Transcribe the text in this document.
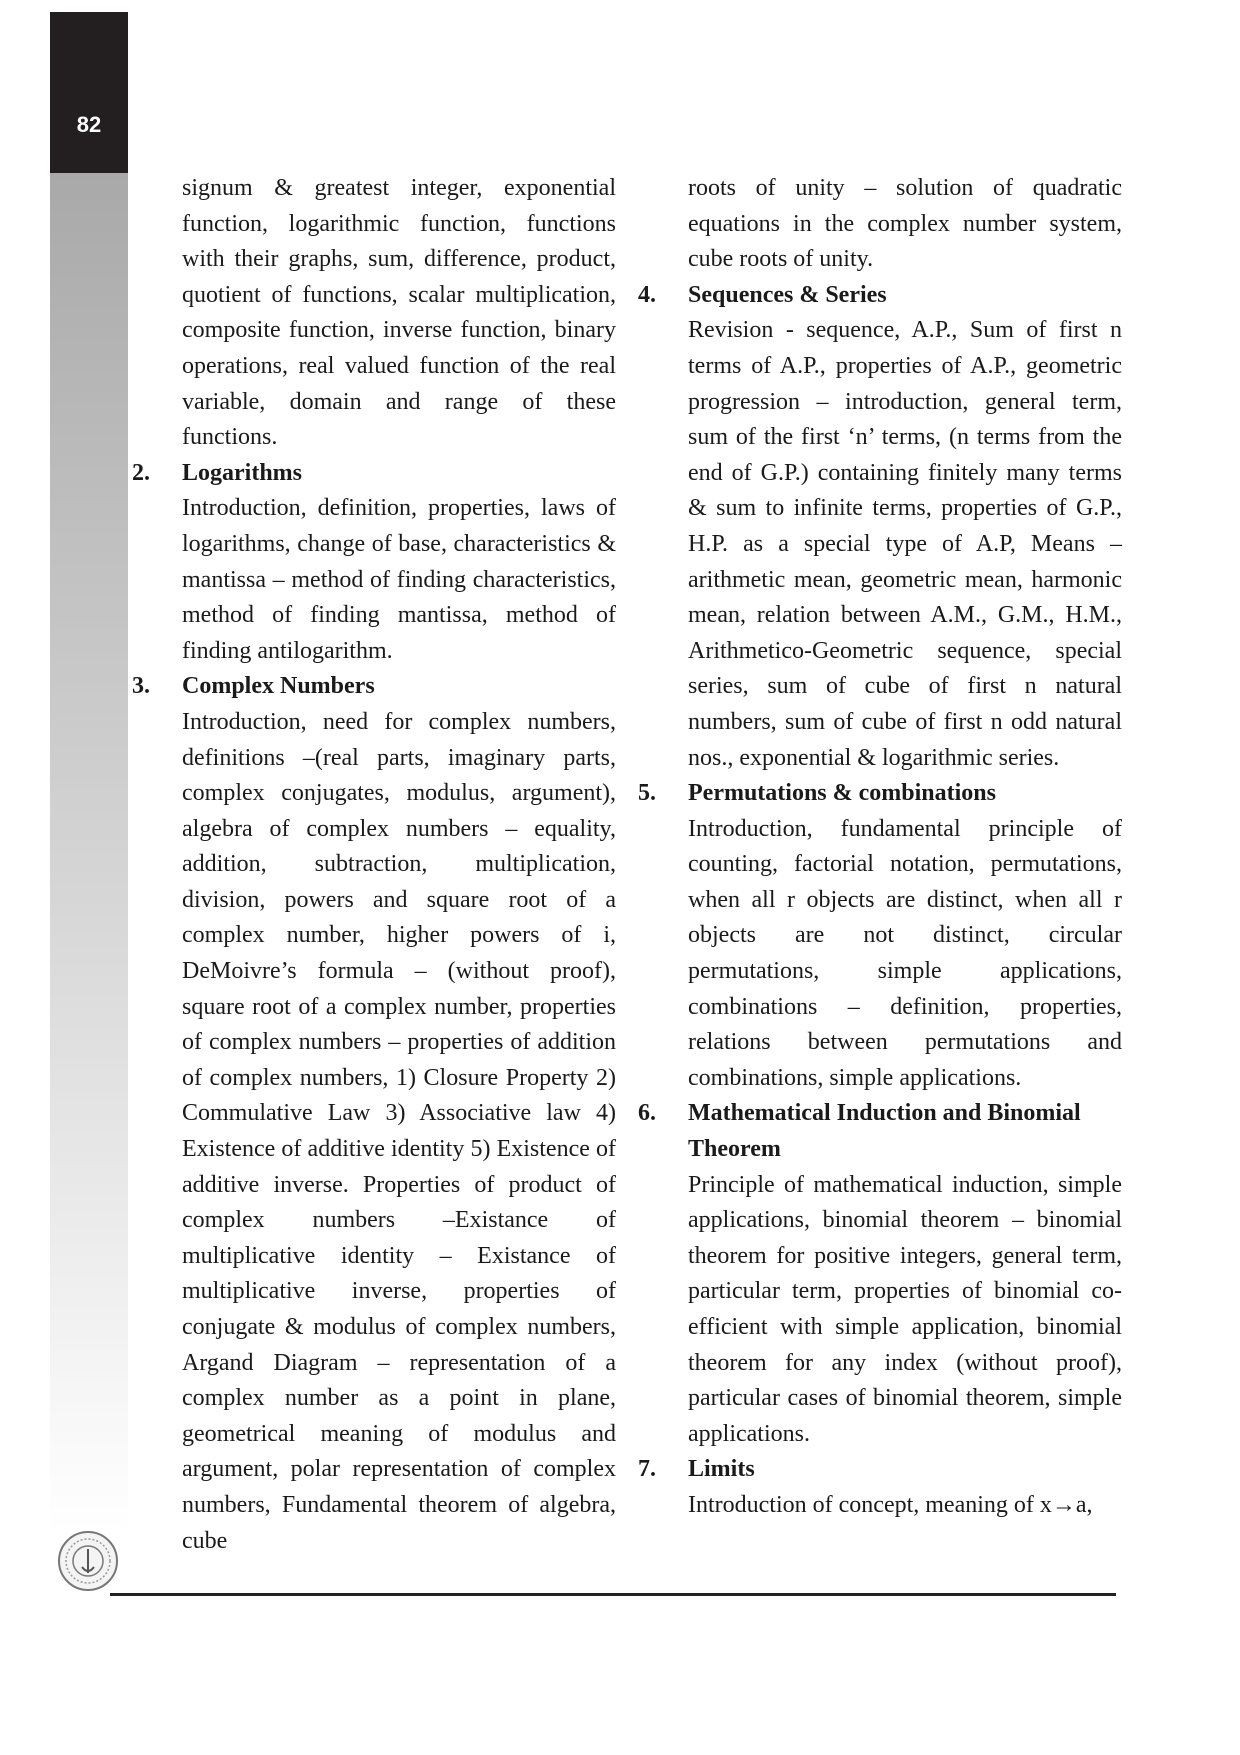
82

signum & greatest integer, exponential function, logarithmic function, functions with their graphs, sum, difference, product, quotient of functions, scalar multiplication, composite function, inverse function, binary operations, real valued function of the real variable, domain and range of these functions.

2. Logarithms

Introduction, definition, properties, laws of logarithms, change of base, characteristics & mantissa – method of finding characteristics, method of finding mantissa, method of finding antilogarithm.

3. Complex Numbers

Introduction, need for complex numbers, definitions –(real parts, imaginary parts, complex conjugates, modulus, argument), algebra of complex numbers – equality, addition, subtraction, multiplication, division, powers and square root of a complex number, higher powers of i, DeMoivre’s formula – (without proof), square root of a complex number, properties of complex numbers – properties of addition of complex numbers, 1) Closure Property 2) Commulative Law 3) Associative law 4) Existence of additive identity 5) Existence of additive inverse. Properties of product of complex numbers –Existance of multiplicative identity – Existance of multiplicative inverse, properties of conjugate & modulus of complex numbers, Argand Diagram – representation of a complex number as a point in plane, geometrical meaning of modulus and argument, polar representation of complex numbers, Fundamental theorem of algebra, cube

roots of unity – solution of quadratic equations in the complex number system, cube roots of unity.

4. Sequences & Series

Revision - sequence, A.P., Sum of first n terms of A.P., properties of A.P., geometric progression – introduction, general term, sum of the first ‘n’ terms, (n terms from the end of G.P.) containing finitely many terms & sum to infinite terms, properties of G.P., H.P. as a special type of A.P, Means – arithmetic mean, geometric mean, harmonic mean, relation between A.M., G.M., H.M., Arithmetico-Geometric sequence, special series, sum of cube of first n natural numbers, sum of cube of first n odd natural nos., exponential & logarithmic series.

5. Permutations & combinations

Introduction, fundamental principle of counting, factorial notation, permutations, when all r objects are distinct, when all r objects are not distinct, circular permutations, simple applications, combinations – definition, properties, relations between permutations and combinations, simple applications.

6. Mathematical Induction and Binomial Theorem

Principle of mathematical induction, simple applications, binomial theorem – binomial theorem for positive integers, general term, particular term, properties of binomial co-efficient with simple application, binomial theorem for any index (without proof), particular cases of binomial theorem, simple applications.

7. Limits

Introduction of concept, meaning of x→a,
